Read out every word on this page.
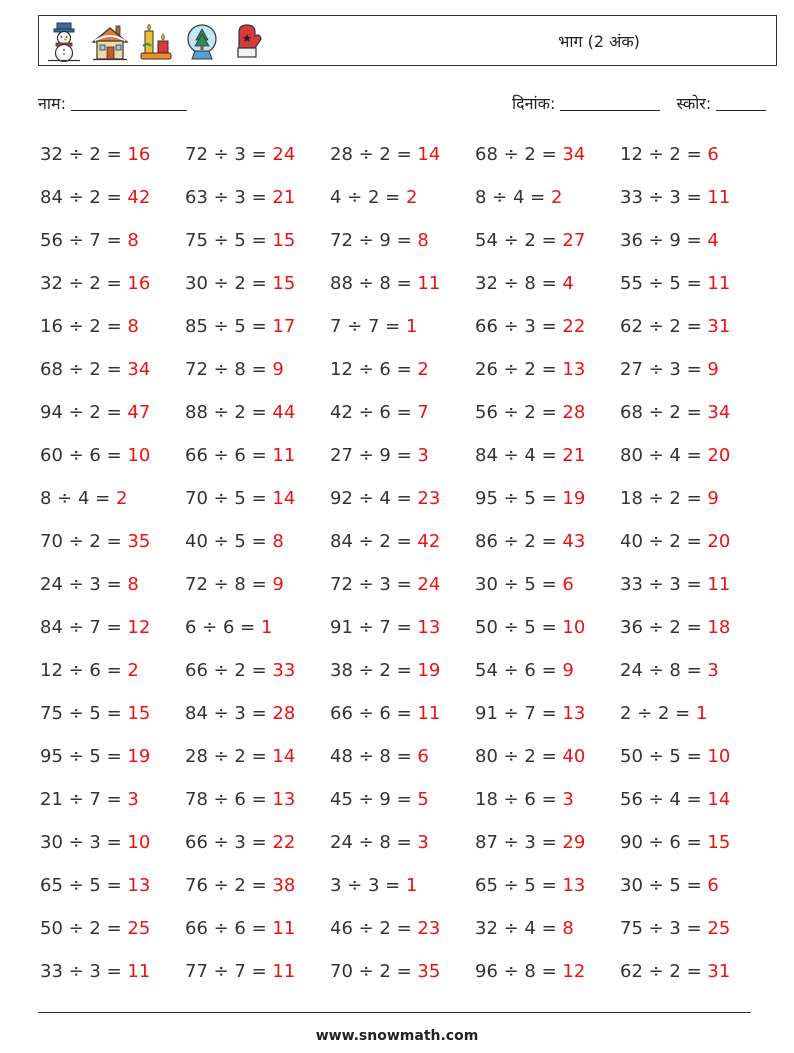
भाग (2 अंक)
नाम:	दिनांक:	स्कोर:
32 ÷ 2 = 16	72 ÷ 3 = 24	28 ÷ 2 = 14	68 ÷ 2 = 34	12 ÷ 2 = 6
84 ÷ 2 = 42	63 ÷ 3 = 21	4 ÷ 2 = 2	8 ÷ 4 = 2	33 ÷ 3 = 11
56 ÷ 7 = 8	75 ÷ 5 = 15	72 ÷ 9 = 8	54 ÷ 2 = 27	36 ÷ 9 = 4
32 ÷ 2 = 16	30 ÷ 2 = 15	88 ÷ 8 = 11	32 ÷ 8 = 4	55 ÷ 5 = 11
16 ÷ 2 = 8	85 ÷ 5 = 17	7 ÷ 7 = 1	66 ÷ 3 = 22	62 ÷ 2 = 31
68 ÷ 2 = 34	72 ÷ 8 = 9	12 ÷ 6 = 2	26 ÷ 2 = 13	27 ÷ 3 = 9
94 ÷ 2 = 47	88 ÷ 2 = 44	42 ÷ 6 = 7	56 ÷ 2 = 28	68 ÷ 2 = 34
60 ÷ 6 = 10	66 ÷ 6 = 11	27 ÷ 9 = 3	84 ÷ 4 = 21	80 ÷ 4 = 20
8 ÷ 4 = 2	70 ÷ 5 = 14	92 ÷ 4 = 23	95 ÷ 5 = 19	18 ÷ 2 = 9
70 ÷ 2 = 35	40 ÷ 5 = 8	84 ÷ 2 = 42	86 ÷ 2 = 43	40 ÷ 2 = 20
24 ÷ 3 = 8	72 ÷ 8 = 9	72 ÷ 3 = 24	30 ÷ 5 = 6	33 ÷ 3 = 11
84 ÷ 7 = 12	6 ÷ 6 = 1	91 ÷ 7 = 13	50 ÷ 5 = 10	36 ÷ 2 = 18
12 ÷ 6 = 2	66 ÷ 2 = 33	38 ÷ 2 = 19	54 ÷ 6 = 9	24 ÷ 8 = 3
75 ÷ 5 = 15	84 ÷ 3 = 28	66 ÷ 6 = 11	91 ÷ 7 = 13	2 ÷ 2 = 1
95 ÷ 5 = 19	28 ÷ 2 = 14	48 ÷ 8 = 6	80 ÷ 2 = 40	50 ÷ 5 = 10
21 ÷ 7 = 3	78 ÷ 6 = 13	45 ÷ 9 = 5	18 ÷ 6 = 3	56 ÷ 4 = 14
30 ÷ 3 = 10	66 ÷ 3 = 22	24 ÷ 8 = 3	87 ÷ 3 = 29	90 ÷ 6 = 15
65 ÷ 5 = 13	76 ÷ 2 = 38	3 ÷ 3 = 1	65 ÷ 5 = 13	30 ÷ 5 = 6
50 ÷ 2 = 25	66 ÷ 6 = 11	46 ÷ 2 = 23	32 ÷ 4 = 8	75 ÷ 3 = 25
33 ÷ 3 = 11	77 ÷ 7 = 11	70 ÷ 2 = 35	96 ÷ 8 = 12	62 ÷ 2 = 31
www.snowmath.com
